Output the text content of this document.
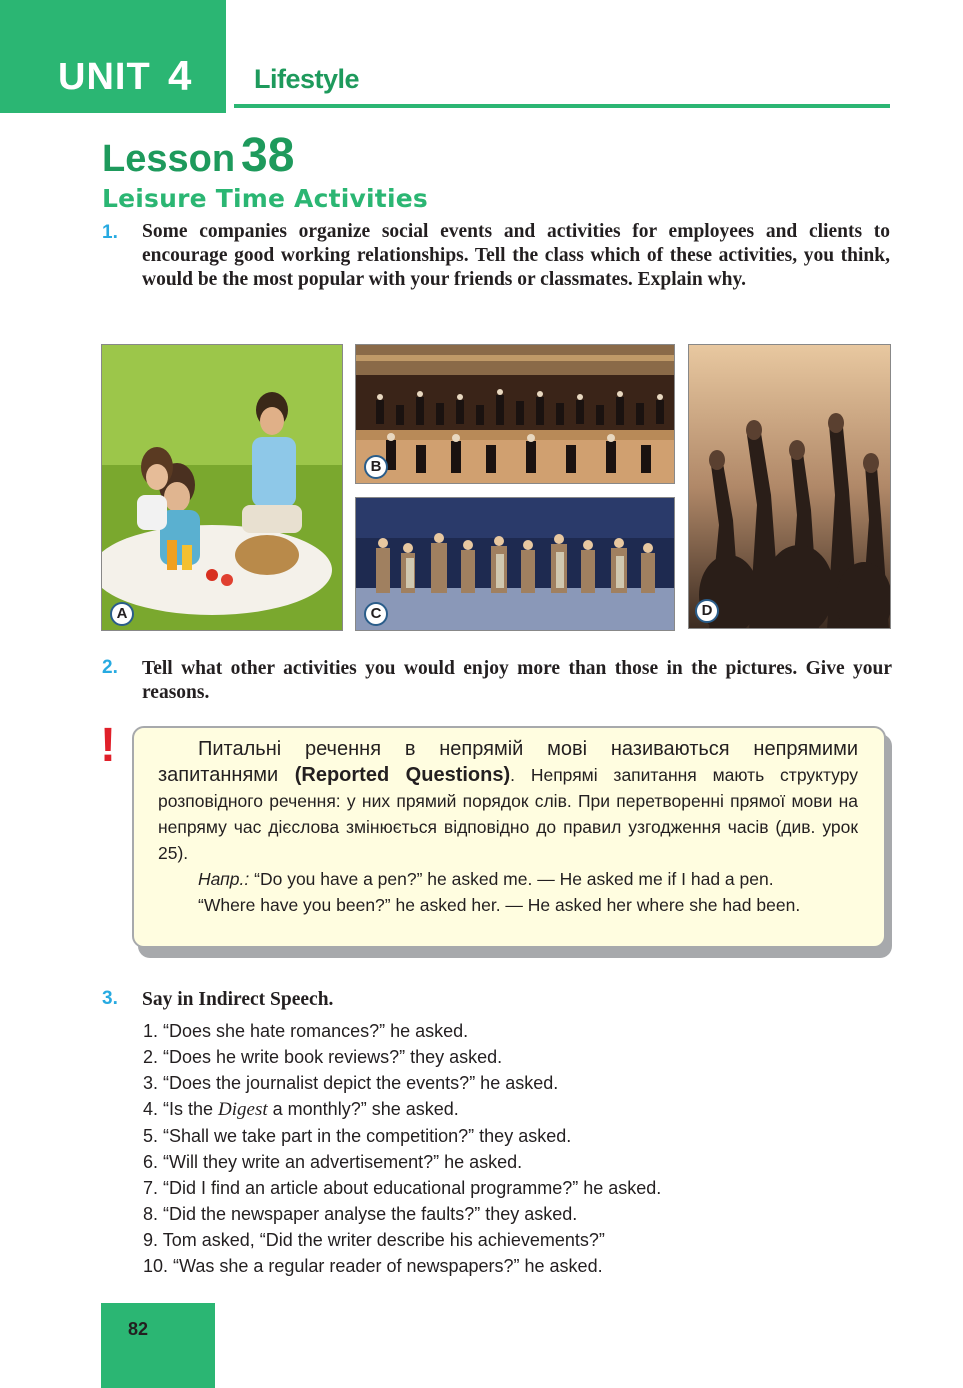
UNIT 4 Lifestyle
Lesson 38
Leisure Time Activities
1. Some companies organize social events and activities for employees and clients to encourage good working relationships. Tell the class which of these activities, you think, would be the most popular with your friends or classmates. Explain why.
A
B
C	D
2. Tell what other activities you would enjoy more than those in the pictures. Give your reasons.
!	Питальні речення в непрямій мові називаються непрямими запитаннями (Reported Questions). Непрямі запитання мають структуру розповідного речення: у них прямий порядок слів. При перетворенні прямої мови на непряму час дієслова змінюється відповідно до правил узгодження часів (див. урок 25).

Напр.: “Do you have a pen?” he asked me. — He asked me if I had a pen.

“Where have you been?” he asked her. — He asked her where she had been.

3. Say in Indirect Speech.
1. “Does she hate romances?” he asked.
2. “Does he write book reviews?” they asked.
3. “Does the journalist depict the events?” he asked.
4. “Is the Digest a monthly?” she asked.
5. “Shall we take part in the competition?” they asked.
6. “Will they write an advertisement?” he asked.
7. “Did I find an article about educational programme?” he asked.
8. “Did the newspaper analyse the faults?” they asked.
9. Tom asked, “Did the writer describe his achievements?”
10. “Was she a regular reader of newspapers?” he asked.
82
